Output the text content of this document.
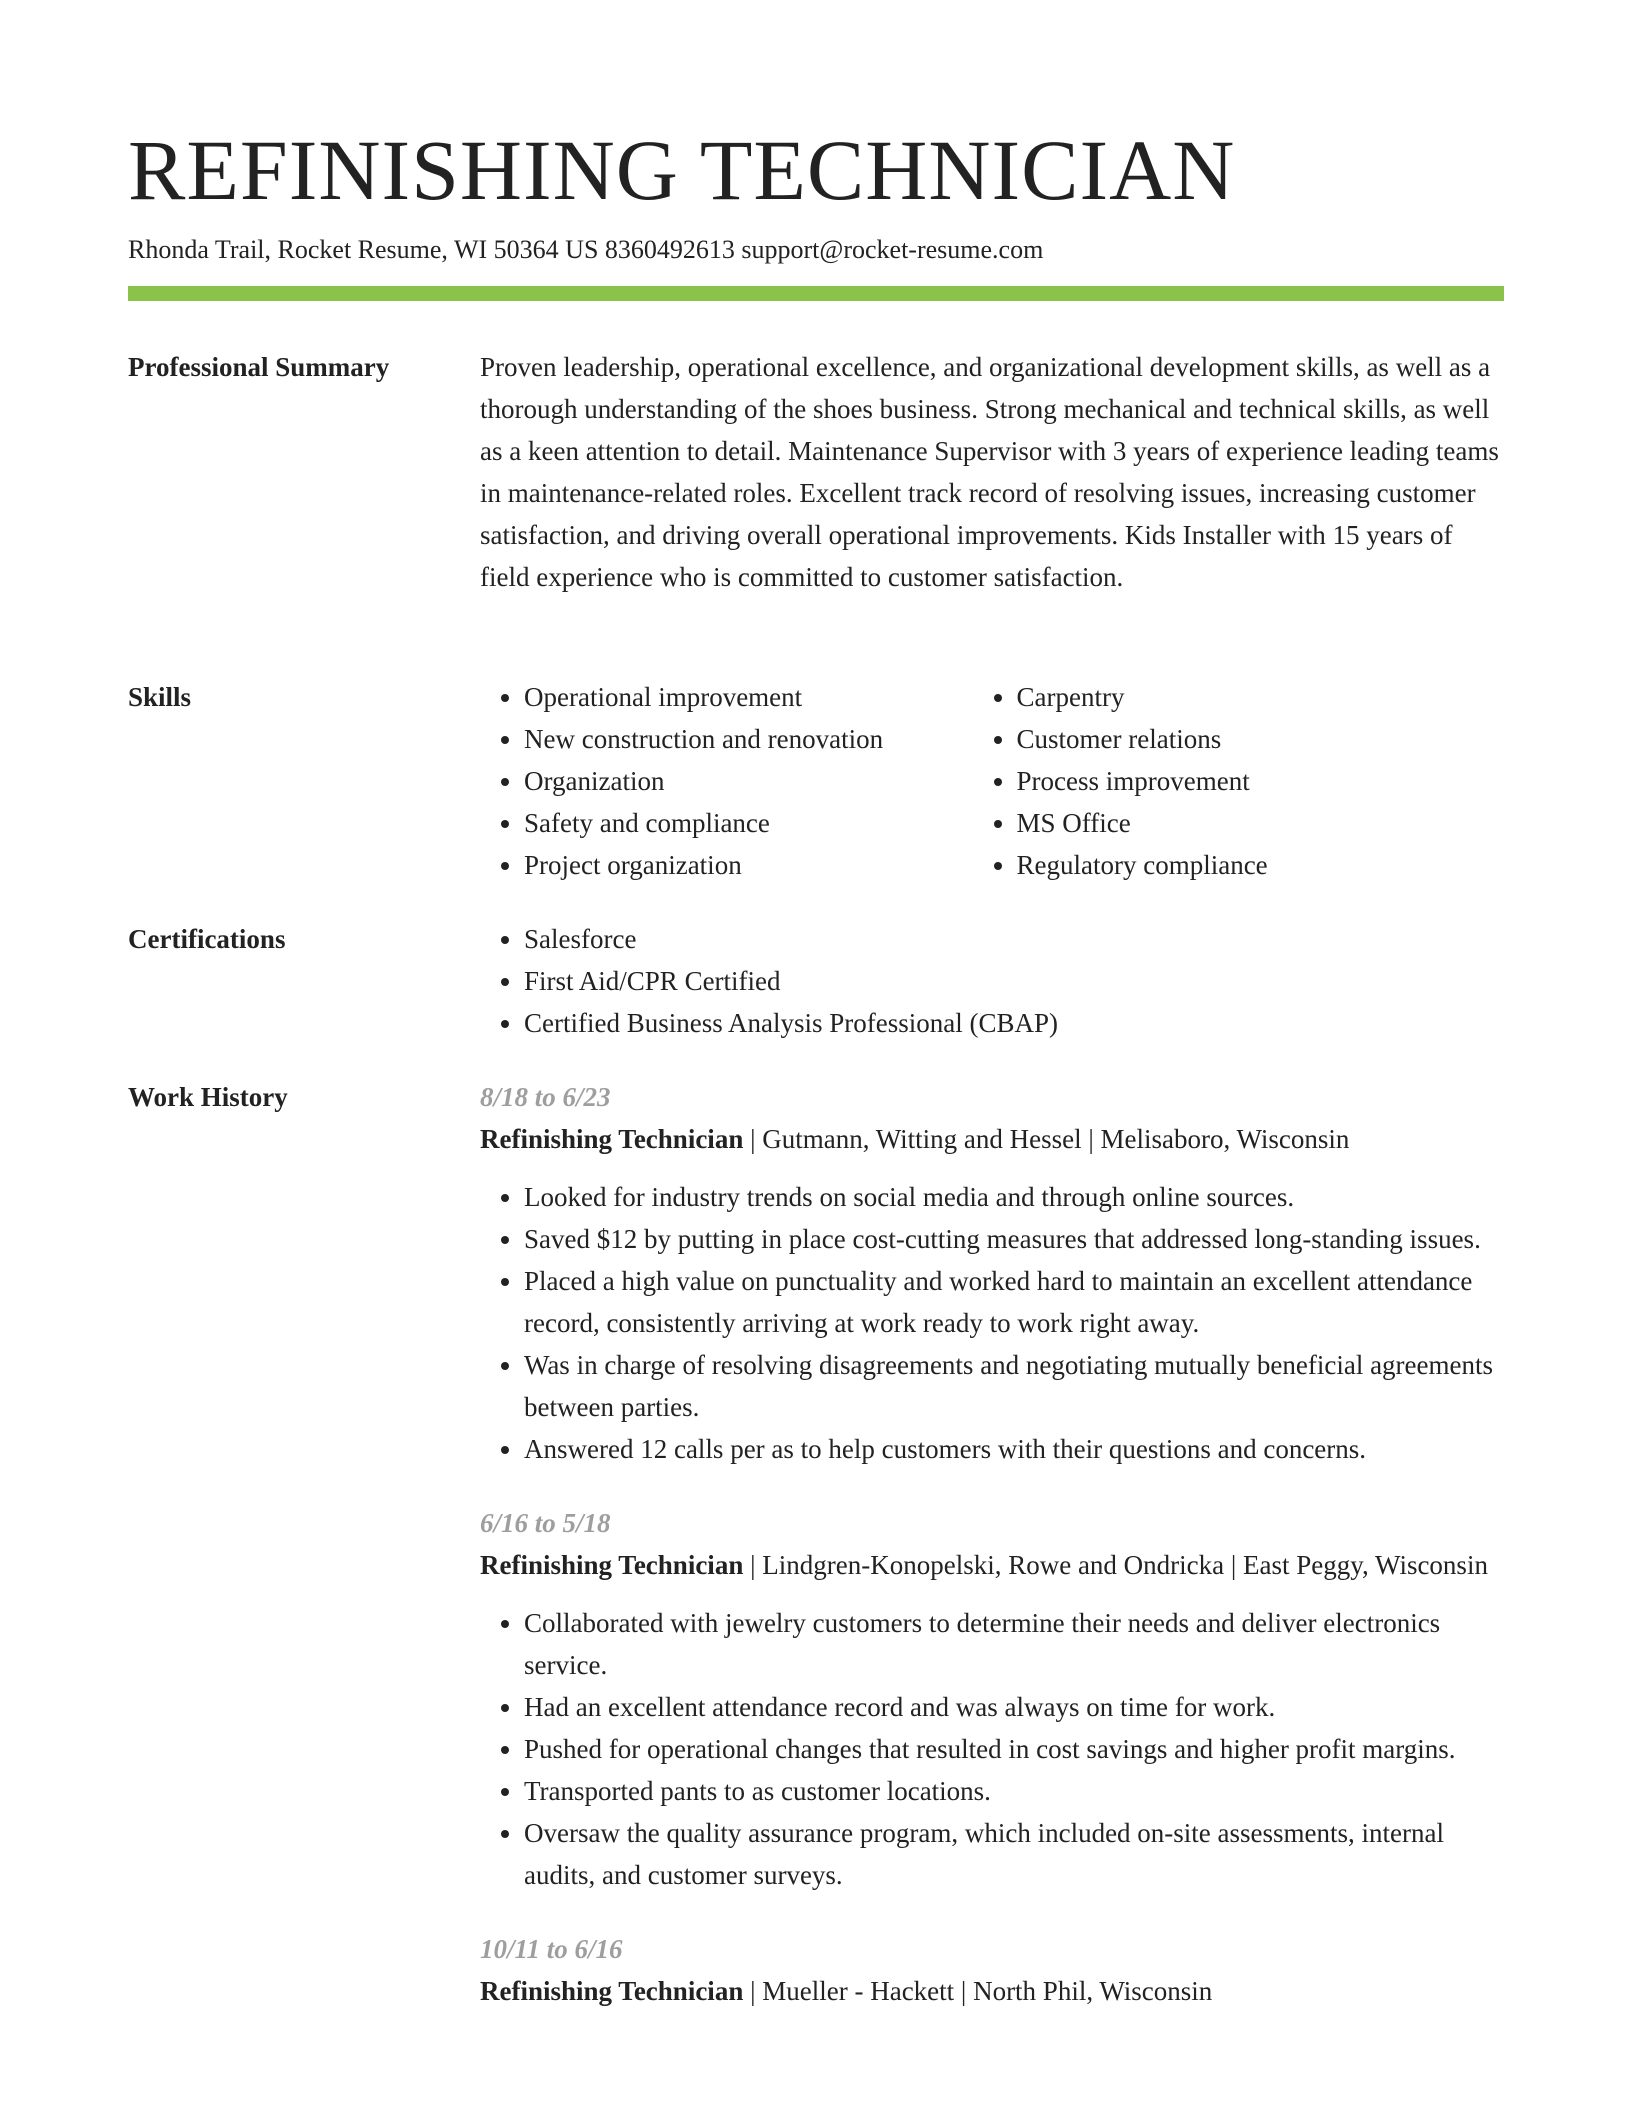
REFINISHING TECHNICIAN
Rhonda Trail, Rocket Resume, WI 50364 US 8360492613 support@rocket-resume.com
Professional Summary	Proven leadership, operational excellence, and organizational development skills, as well as a thorough understanding of the shoes business. Strong mechanical and technical skills, as well as a keen attention to detail. Maintenance Supervisor with 3 years of experience leading teams in maintenance-related roles. Excellent track record of resolving issues, increasing customer satisfaction, and driving overall operational improvements. Kids Installer with 15 years of field experience who is committed to customer satisfaction.

Skills	• Operational improvement
• New construction and renovation
• Organization
• Safety and compliance
• Project organization
• Carpentry
• Customer relations
• Process improvement
• MS Office
• Regulatory compliance
Certifications	• Salesforce
• First Aid/CPR Certified
• Certified Business Analysis Professional (CBAP)
Work History	8/18 to 6/23
Refinishing Technician | Gutmann, Witting and Hessel | Melisaboro, Wisconsin
• Looked for industry trends on social media and through online sources.
• Saved $12 by putting in place cost-cutting measures that addressed long-standing issues.
• Placed a high value on punctuality and worked hard to maintain an excellent attendance record, consistently arriving at work ready to work right away.
• Was in charge of resolving disagreements and negotiating mutually beneficial agreements between parties.
• Answered 12 calls per as to help customers with their questions and concerns.
6/16 to 5/18
Refinishing Technician | Lindgren-Konopelski, Rowe and Ondricka | East Peggy, Wisconsin
• Collaborated with jewelry customers to determine their needs and deliver electronics service.
• Had an excellent attendance record and was always on time for work.
• Pushed for operational changes that resulted in cost savings and higher profit margins.
• Transported pants to as customer locations.
• Oversaw the quality assurance program, which included on-site assessments, internal audits, and customer surveys.
10/11 to 6/16
Refinishing Technician | Mueller - Hackett | North Phil, Wisconsin
